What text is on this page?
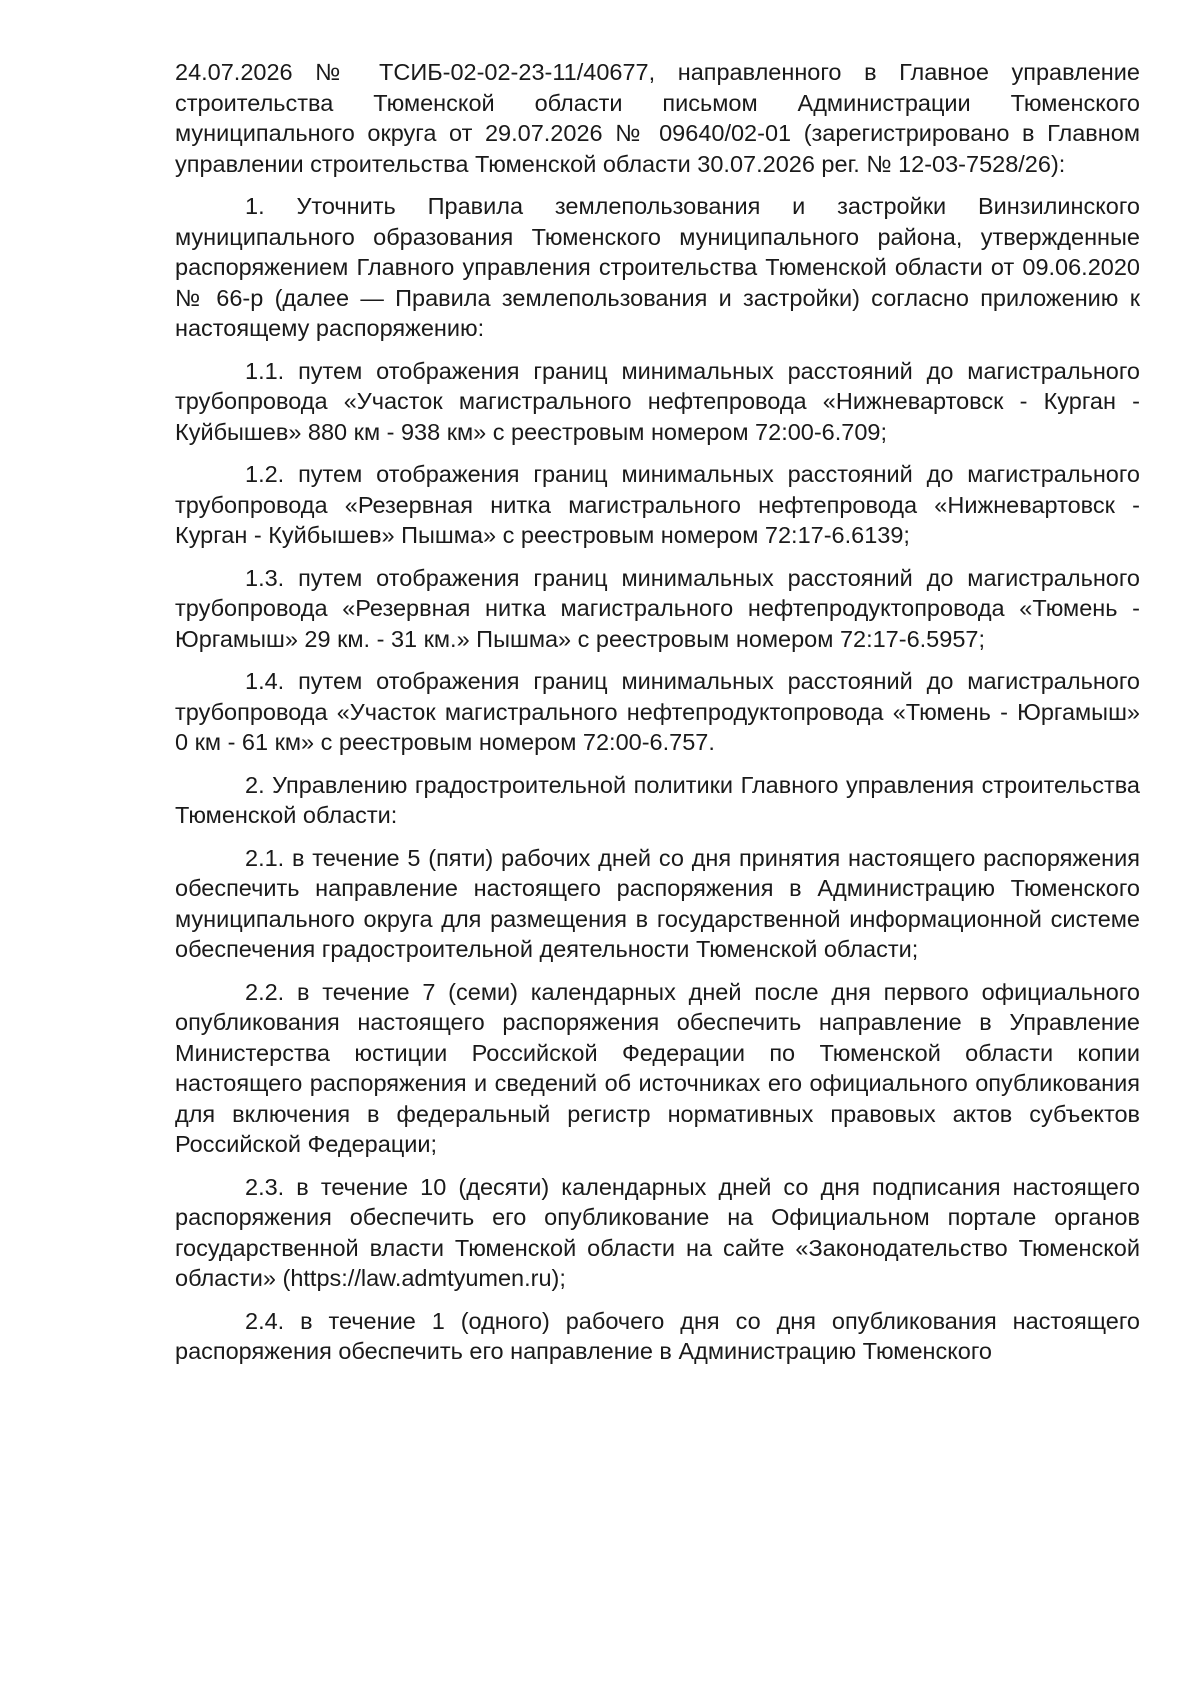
24.07.2026 № ТСИБ-02-02-23-11/40677, направленного в Главное управление строительства Тюменской области письмом Администрации Тюменского муниципального округа от 29.07.2026 № 09640/02-01 (зарегистрировано в Главном управлении строительства Тюменской области 30.07.2026 рег. № 12-03-7528/26):

1. Уточнить Правила землепользования и застройки Винзилинского муниципального образования Тюменского муниципального района, утвержденные распоряжением Главного управления строительства Тюменской области от 09.06.2020 № 66-р (далее — Правила землепользования и застройки) согласно приложению к настоящему распоряжению:

1.1. путем отображения границ минимальных расстояний до магистрального трубопровода «Участок магистрального нефтепровода «Нижневартовск - Курган - Куйбышев» 880 км - 938 км» с реестровым номером 72:00-6.709;

1.2. путем отображения границ минимальных расстояний до магистрального трубопровода «Резервная нитка магистрального нефтепровода «Нижневартовск - Курган - Куйбышев» Пышма» с реестровым номером 72:17-6.6139;

1.3. путем отображения границ минимальных расстояний до магистрального трубопровода «Резервная нитка магистрального нефтепродуктопровода «Тюмень - Юргамыш» 29 км. - 31 км.» Пышма» с реестровым номером 72:17-6.5957;

1.4. путем отображения границ минимальных расстояний до магистрального трубопровода «Участок магистрального нефтепродуктопровода «Тюмень - Юргамыш» 0 км - 61 км» с реестровым номером 72:00-6.757.

2. Управлению градостроительной политики Главного управления строительства Тюменской области:

2.1. в течение 5 (пяти) рабочих дней со дня принятия настоящего распоряжения обеспечить направление настоящего распоряжения в Администрацию Тюменского муниципального округа для размещения в государственной информационной системе обеспечения градостроительной деятельности Тюменской области;

2.2. в течение 7 (семи) календарных дней после дня первого официального опубликования настоящего распоряжения обеспечить направление в Управление Министерства юстиции Российской Федерации по Тюменской области копии настоящего распоряжения и сведений об источниках его официального опубликования для включения в федеральный регистр нормативных правовых актов субъектов Российской Федерации;

2.3. в течение 10 (десяти) календарных дней со дня подписания настоящего распоряжения обеспечить его опубликование на Официальном портале органов государственной власти Тюменской области на сайте «Законодательство Тюменской области» (https://law.admtyumen.ru);

2.4. в течение 1 (одного) рабочего дня со дня опубликования настоящего распоряжения обеспечить его направление в Администрацию Тюменского
